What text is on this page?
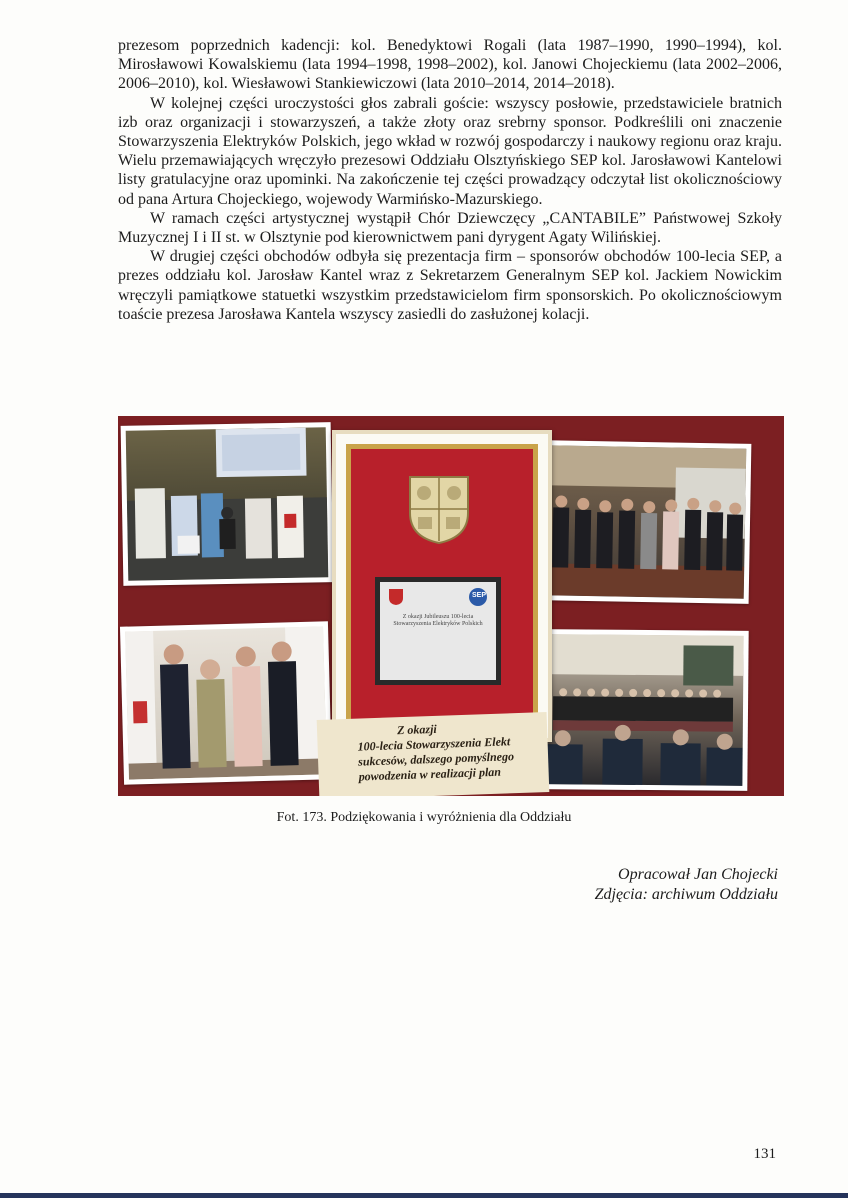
prezesom poprzednich kadencji: kol. Benedyktowi Rogali (lata 1987–1990, 1990–1994), kol. Mirosławowi Kowalskiemu (lata 1994–1998, 1998–2002), kol. Janowi Chojeckiemu (lata 2002–2006, 2006–2010), kol. Wiesławowi Stankiewiczowi (lata 2010–2014, 2014–2018).

W kolejnej części uroczystości głos zabrali goście: wszyscy posłowie, przedstawiciele bratnich izb oraz organizacji i stowarzyszeń, a także złoty oraz srebrny sponsor. Podkreślili oni znaczenie Stowarzyszenia Elektryków Polskich, jego wkład w rozwój gospodarczy i naukowy regionu oraz kraju. Wielu przemawiających wręczyło prezesowi Oddziału Olsztyńskiego SEP kol. Jarosławowi Kantelowi listy gratulacyjne oraz upominki. Na zakończenie tej części prowadzący odczytał list okolicznościowy od pana Artura Chojeckiego, wojewody Warmińsko-Mazurskiego.

W ramach części artystycznej wystąpił Chór Dziewczęcy „CANTABILE” Państwowej Szkoły Muzycznej I i II st. w Olsztynie pod kierownictwem pani dyrygent Agaty Wilińskiej.

W drugiej części obchodów odbyła się prezentacja firm – sponsorów obchodów 100-lecia SEP, a prezes oddziału kol. Jarosław Kantel wraz z Sekretarzem Generalnym SEP kol. Jackiem Nowickim wręczyli pamiątkowe statuetki wszystkim przedstawicielom firm sponsorskich. Po okolicznościowym toaście prezesa Jarosława Kantela wszyscy zasiedli do zasłużonej kolacji.

SEP
Z okazji Jubileuszu 100-lecia Stowarzyszenia Elektryków Polskich
Z okazji
100-lecia Stowarzyszenia Elekt
sukcesów, dalszego pomyślnego
powodzenia w realizacji plan
Fot. 173. Podziękowania i wyróżnienia dla Oddziału
Opracował Jan Chojecki
Zdjęcia: archiwum Oddziału
131
